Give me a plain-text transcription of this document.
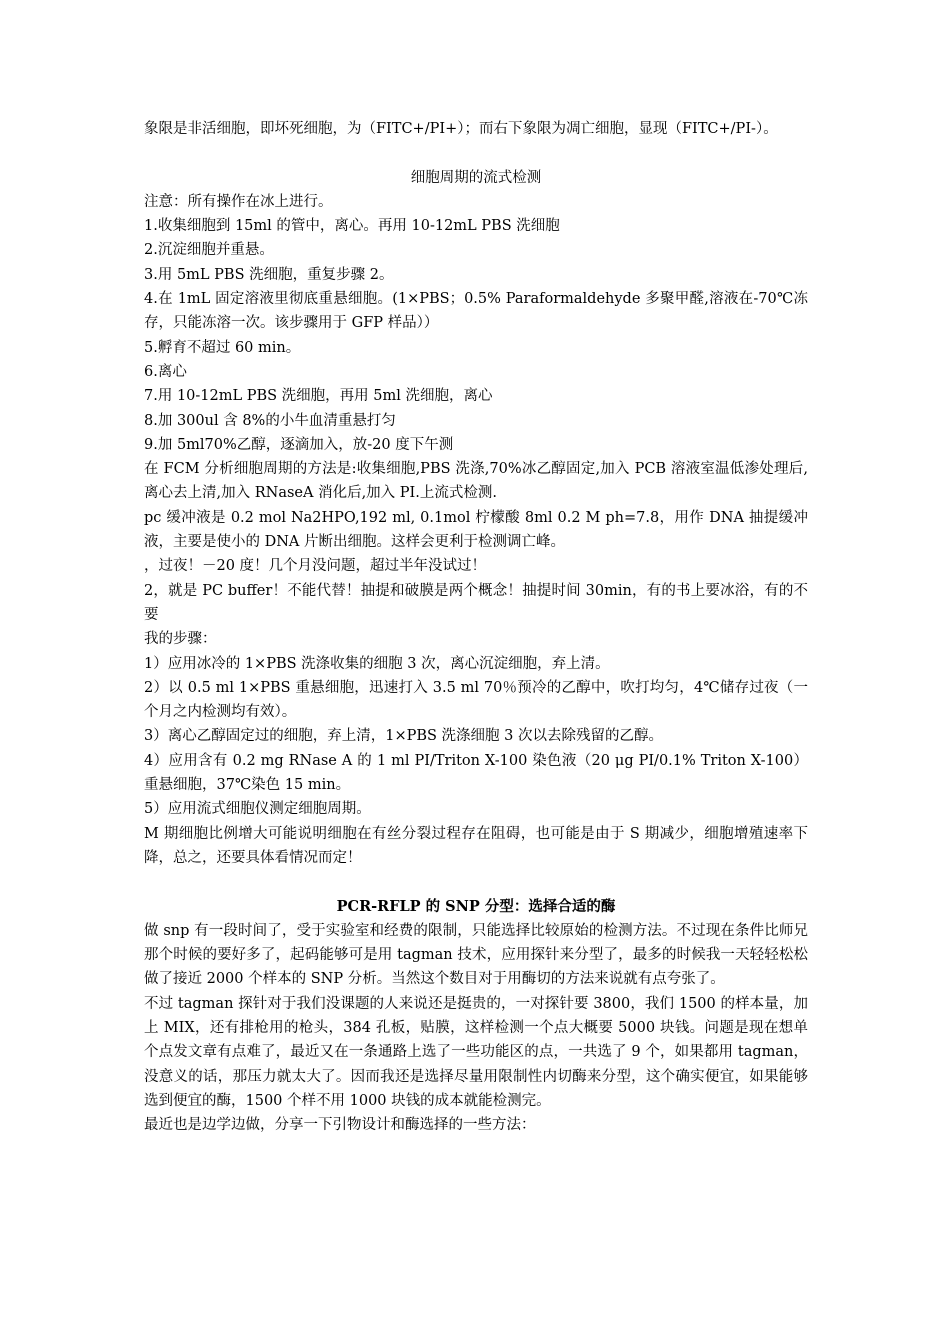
象限是非活细胞，即坏死细胞，为（FITC+/PI+）；而右下象限为凋亡细胞，显现（FITC+/PI-）。

细胞周期的流式检测

注意：所有操作在冰上进行。

1.收集细胞到 15ml 的管中，离心。再用 10-12mL PBS 洗细胞

2.沉淀细胞并重悬。

3.用 5mL PBS 洗细胞，重复步骤 2。

4.在 1mL 固定溶液里彻底重悬细胞。(1×PBS；0.5% Paraformaldehyde 多聚甲醛,溶液在-70℃冻存，只能冻溶一次。该步骤用于 GFP 样品））

5.孵育不超过 60 min。

6.离心

7.用 10-12mL PBS 洗细胞，再用 5ml 洗细胞，离心

8.加 300ul 含 8%的小牛血清重悬打匀

9.加 5ml70%乙醇，逐滴加入，放-20 度下午测

在 FCM 分析细胞周期的方法是:收集细胞,PBS 洗涤,70%冰乙醇固定,加入 PCB 溶液室温低渗处理后,离心去上清,加入 RNaseA 消化后,加入 PI.上流式检测.

pc 缓冲液是 0.2 mol Na2HPO,192 ml, 0.1mol 柠檬酸 8ml 0.2 M ph=7.8，用作 DNA 抽提缓冲液，主要是使小的 DNA 片断出细胞。这样会更利于检测调亡峰。

，过夜！－20 度！几个月没问题，超过半年没试过！

2，就是 PC buffer！不能代替！抽提和破膜是两个概念！抽提时间 30min，有的书上要冰浴，有的不要

我的步骤：

1）应用冰冷的 1×PBS 洗涤收集的细胞 3 次，离心沉淀细胞，弃上清。

2）以 0.5 ml 1×PBS 重悬细胞，迅速打入 3.5 ml 70％预冷的乙醇中，吹打均匀，4℃储存过夜（一个月之内检测均有效）。

3）离心乙醇固定过的细胞，弃上清，1×PBS 洗涤细胞 3 次以去除残留的乙醇。

4）应用含有 0.2 mg RNase A 的 1 ml PI/Triton X-100 染色液（20 μg PI/0.1% Triton X-100）重悬细胞，37℃染色 15 min。

5）应用流式细胞仪测定细胞周期。

M 期细胞比例增大可能说明细胞在有丝分裂过程存在阻碍，也可能是由于 S 期减少，细胞增殖速率下降，总之，还要具体看情况而定！

PCR-RFLP 的 SNP 分型：选择合适的酶

做 snp 有一段时间了，受于实验室和经费的限制，只能选择比较原始的检测方法。不过现在条件比师兄那个时候的要好多了，起码能够可是用 tagman 技术，应用探针来分型了，最多的时候我一天轻轻松松做了接近 2000 个样本的 SNP 分析。当然这个数目对于用酶切的方法来说就有点夸张了。

不过 tagman 探针对于我们没课题的人来说还是挺贵的，一对探针要 3800，我们 1500 的样本量，加上 MIX，还有排枪用的枪头，384 孔板，贴膜，这样检测一个点大概要 5000 块钱。问题是现在想单个点发文章有点难了，最近又在一条通路上选了一些功能区的点，一共选了 9 个，如果都用 tagman，没意义的话，那压力就太大了。因而我还是选择尽量用限制性内切酶来分型，这个确实便宜，如果能够选到便宜的酶，1500 个样不用 1000 块钱的成本就能检测完。

最近也是边学边做，分享一下引物设计和酶选择的一些方法：
